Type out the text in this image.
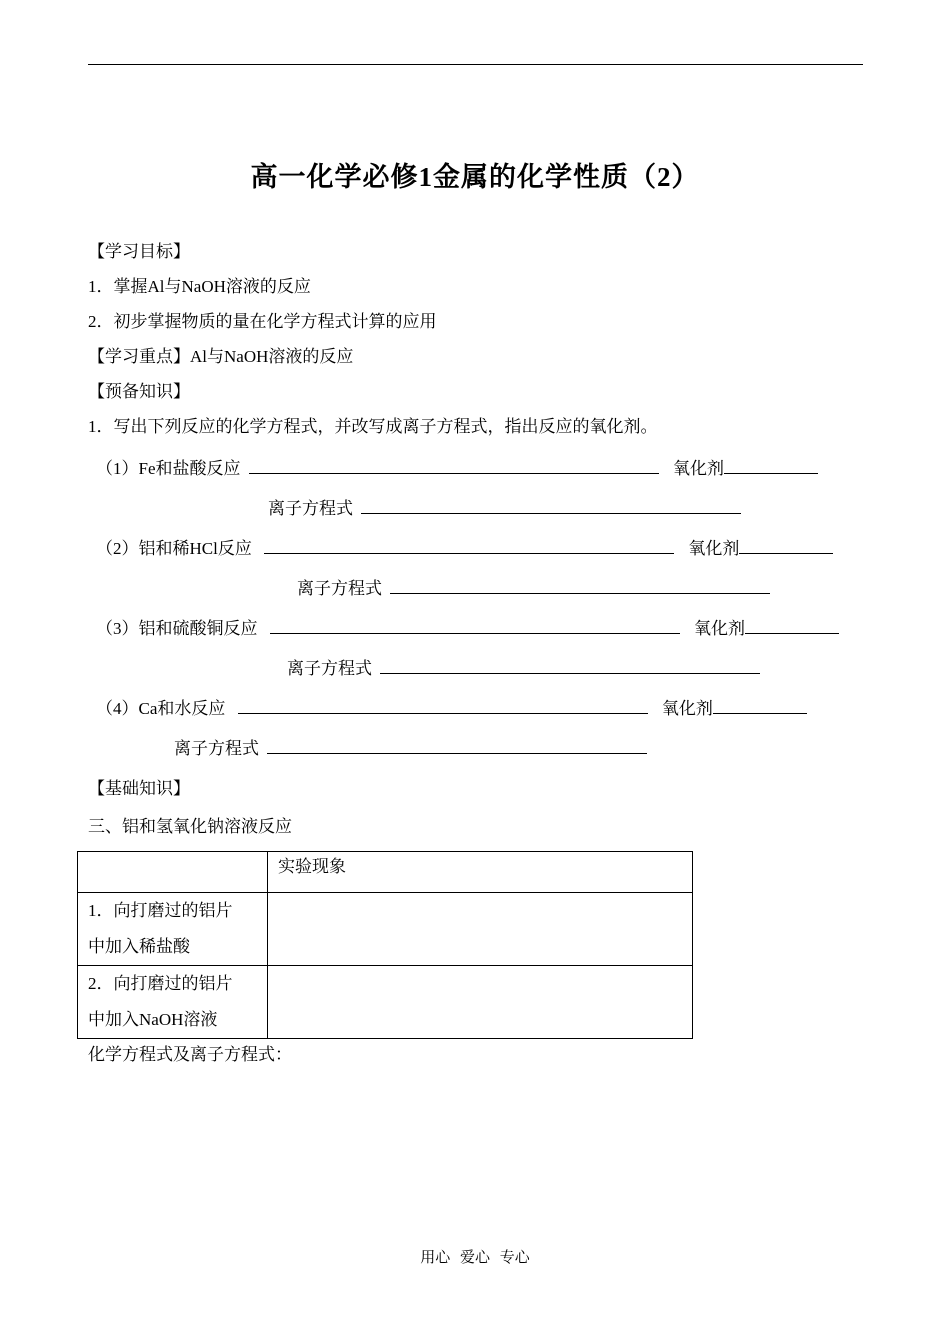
高一化学必修1金属的化学性质（2）
【学习目标】
1．掌握Al与NaOH溶液的反应
2．初步掌握物质的量在化学方程式计算的应用
【学习重点】Al与NaOH溶液的反应
【预备知识】
1．写出下列反应的化学方程式，并改写成离子方程式，指出反应的氧化剂。
（1）Fe和盐酸反应	氧化剂
离子方程式
（2）铝和稀HCl反应	氧化剂
离子方程式
（3）铝和硫酸铜反应	氧化剂
离子方程式
（4）Ca和水反应	氧化剂
离子方程式
【基础知识】
三、铝和氢氧化钠溶液反应
	实验现象

1．向打磨过的铝片
中加入稀盐酸	

2．向打磨过的铝片
中加入NaOH溶液	

化学方程式及离子方程式：
用心 爱心 专心
